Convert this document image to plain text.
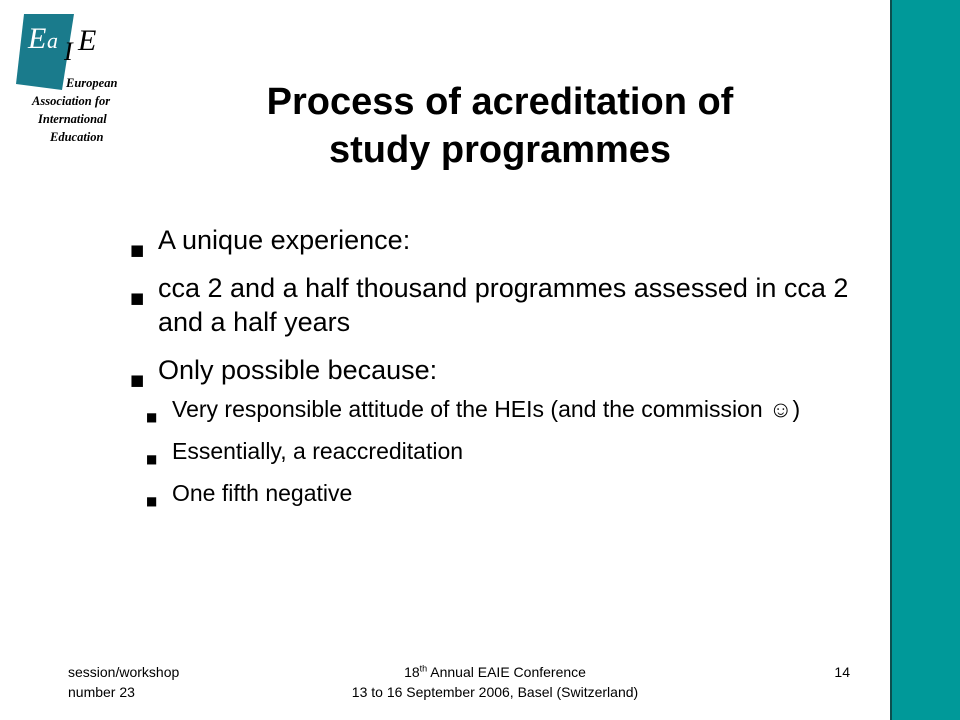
E a I E
European
Association for
International
Education
Process of acreditation of
study programmes
■ A unique experience:
■ cca 2 and a half thousand programmes assessed in cca 2 and a half years
■ Only possible because:
■ Very responsible attitude of the HEIs (and the commission ☺)
■ Essentially, a reaccreditation
■ One fifth negative
session/workshop
number 23
18th Annual EAIE Conference
13 to 16 September 2006, Basel (Switzerland)
14
